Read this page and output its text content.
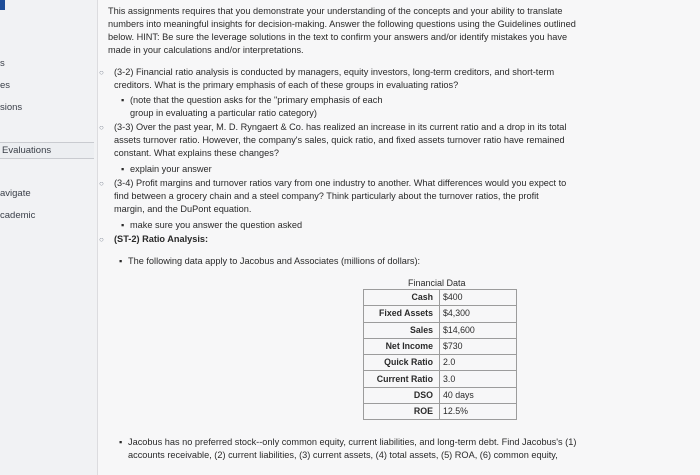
s
es
sions
Evaluations
avigate
cademic
This assignments requires that you demonstrate your understanding of the concepts and your ability to translate numbers into meaningful insights for decision-making. Answer the following questions using the Guidelines outlined below. HINT: Be sure the leverage solutions in the text to confirm your answers and/or identify mistakes you have made in your calculations and/or interpretations.
○	(3-2) Financial ratio analysis is conducted by managers, equity investors, long-term creditors, and short-term creditors. What is the primary emphasis of each of these groups in evaluating ratios?
▪ (note that the question asks for the "primary emphasis of each group in evaluating a particular ratio category)
○	(3-3) Over the past year, M. D. Ryngaert & Co. has realized an increase in its current ratio and a drop in its total assets turnover ratio. However, the company's sales, quick ratio, and fixed assets turnover ratio have remained constant. What explains these changes?
▪ explain your answer
○	(3-4) Profit margins and turnover ratios vary from one industry to another. What differences would you expect to find between a grocery chain and a steel company? Think particularly about the turnover ratios, the profit margin, and the DuPont equation.
▪ make sure you answer the question asked
○	(ST-2) Ratio Analysis:
▪ The following data apply to Jacobus and Associates (millions of dollars):
Financial Data
Cash	$400
Fixed Assets	$4,300
Sales	$14,600
Net Income	$730
Quick Ratio	2.0
Current Ratio	3.0
DSO	40 days
ROE	12.5%
▪ Jacobus has no preferred stock--only common equity, current liabilities, and long-term debt. Find Jacobus's (1) accounts receivable, (2) current liabilities, (3) current assets, (4) total assets, (5) ROA, (6) common equity,
